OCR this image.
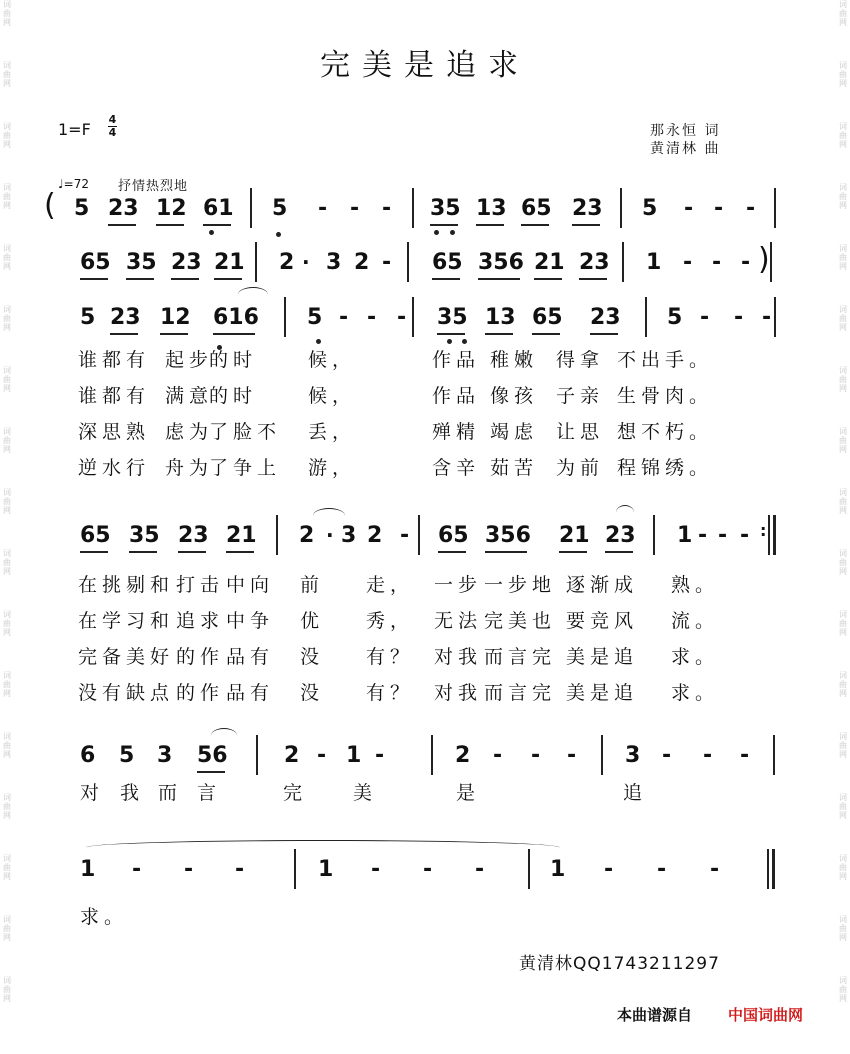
词
曲
网
词
曲
网
词
曲
网
词
曲
网
词
曲
网
词
曲
网
词
曲
网
词
曲
网
词
曲
网
词
曲
网
词
曲
网
词
曲
网
词
曲
网
词
曲
网
词
曲
网
词
曲
网
词
曲
网
词
曲
网
词
曲
网
词
曲
网
词
曲
网
词
曲
网
词
曲
网
词
曲
网
词
曲
网
词
曲
网
词
曲
网
词
曲
网
词
曲
网
词
曲
网
词
曲
网
词
曲
网
词
曲
网
词
曲
网
完美是追求
1=F
4
4	那永恒 词
黄清林 曲
♩=72 抒情热烈地
( 5 23 12 61 5 - - - 35 13 65 23 5 - - -
65 35 23 21 2 · 3 2 - 65 356 21 23 1 - - - )
5 23 12 616 5 - - - 35 13 65 23 5 - - -
65 35 23 21 2 · 3 2 - 65 356 21 23 1 - - - :
6 5 3 56	2 - 1 -	2 - - - 3 - - -
1 - - -	1 - - -	1 - - -
谁都有 起步
的时	候，	作品 稚嫩 得拿 不出 手。
谁都有 满意
的时	候，	作品 像孩 子亲 生骨 肉。
深思熟 虑为
了脸不 丢，	殚精 竭虑 让思 想不 朽。
逆水行 舟为
了争上 游，	含辛 茹苦 为前 程锦 绣。
在挑 剔和 打击 中向 前 走， 一步 一步地 逐渐 成 熟。
在学 习和 追求 中争 优 秀， 无法 完美也 要竞 风 流。
完备 美好 的作 品有 没 有？ 对我 而言完 美是 追 求。
没有 缺点 的作 品有 没 有？ 对我 而言完 美是 追 求。
对 我 而 言	完 美	是	追
求。
黄清林QQ1743211297
本曲谱源自 中国词曲网
